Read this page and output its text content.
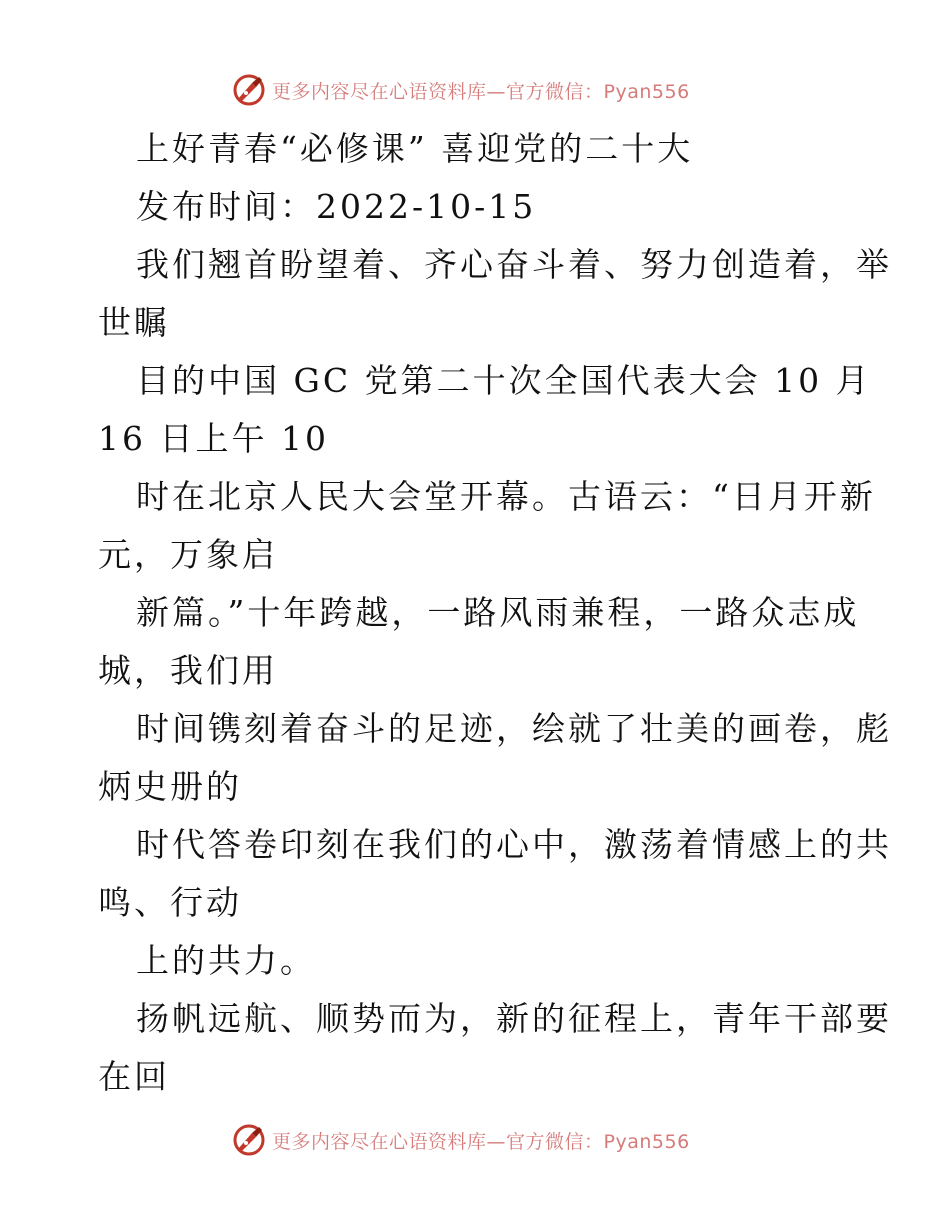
更多内容尽在心语资料库—官方微信：Pyan556
上好青春“必修课” 喜迎党的二十大
发布时间：2022-10-15
我们翘首盼望着、齐心奋斗着、努力创造着，举
世瞩
目的中国 GC 党第二十次全国代表大会 10 月
16 日上午 10
时在北京人民大会堂开幕。古语云：“日月开新
元，万象启
新篇。”十年跨越，一路风雨兼程，一路众志成
城，我们用
时间镌刻着奋斗的足迹，绘就了壮美的画卷，彪
炳史册的
时代答卷印刻在我们的心中，激荡着情感上的共
鸣、行动
上的共力。
扬帆远航、顺势而为，新的征程上，青年干部要
在回
更多内容尽在心语资料库—官方微信：Pyan556
